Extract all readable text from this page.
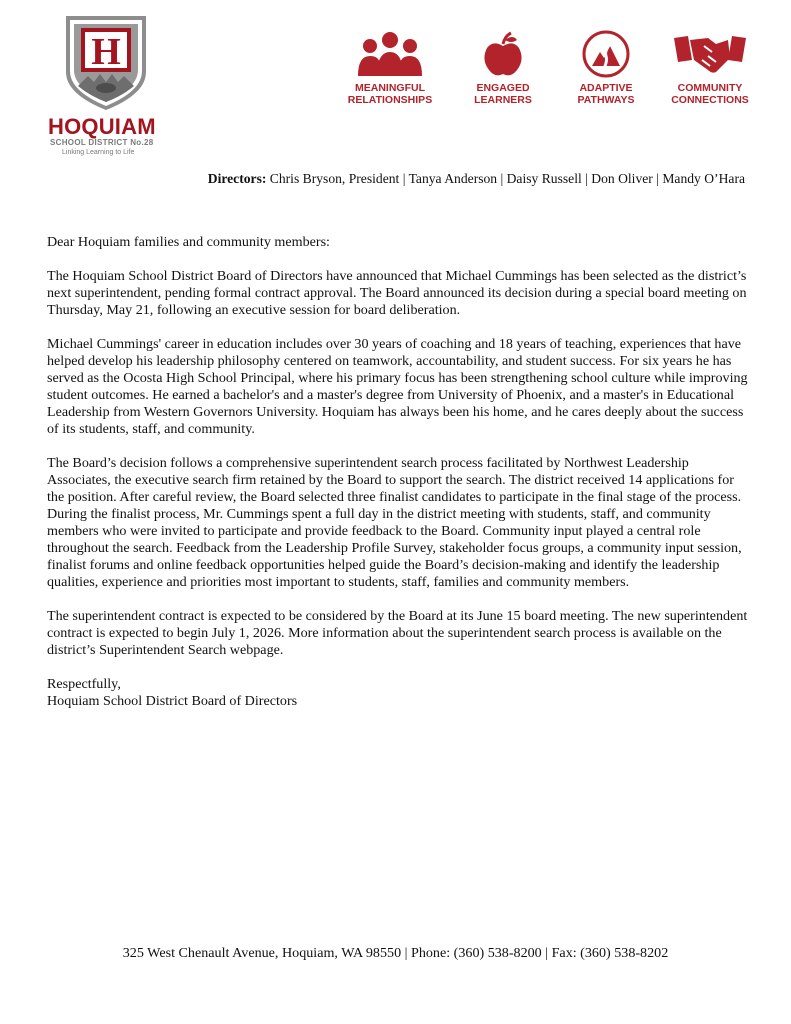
H
HOQUIAM
SCHOOL DISTRICT No.28
Linking Learning to Life
MEANINGFUL
RELATIONSHIPS
ENGAGED
LEARNERS
ADAPTIVE
PATHWAYS
COMMUNITY
CONNECTIONS
Directors: Chris Bryson, President | Tanya Anderson | Daisy Russell | Don Oliver | Mandy O’Hara

Dear Hoquiam families and community members:

The Hoquiam School District Board of Directors have announced that Michael Cummings has been selected as the district’s next superintendent, pending formal contract approval. The Board announced its decision during a special board meeting on Thursday, May 21, following an executive session for board deliberation.

Michael Cummings' career in education includes over 30 years of coaching and 18 years of teaching, experiences that have helped develop his leadership philosophy centered on teamwork, accountability, and student success. For six years he has served as the Ocosta High School Principal, where his primary focus has been strengthening school culture while improving student outcomes. He earned a bachelor's and a master's degree from University of Phoenix, and a master's in Educational Leadership from Western Governors University. Hoquiam has always been his home, and he cares deeply about the success of its students, staff, and community.

The Board’s decision follows a comprehensive superintendent search process facilitated by Northwest Leadership Associates, the executive search firm retained by the Board to support the search. The district received 14 applications for the position. After careful review, the Board selected three finalist candidates to participate in the final stage of the process. During the finalist process, Mr. Cummings spent a full day in the district meeting with students, staff, and community members who were invited to participate and provide feedback to the Board. Community input played a central role throughout the search. Feedback from the Leadership Profile Survey, stakeholder focus groups, a community input session, finalist forums and online feedback opportunities helped guide the Board’s decision-making and identify the leadership qualities, experience and priorities most important to students, staff, families and community members.

The superintendent contract is expected to be considered by the Board at its June 15 board meeting. The new superintendent contract is expected to begin July 1, 2026. More information about the superintendent search process is available on the district’s Superintendent Search webpage.

Respectfully,

Hoquiam School District Board of Directors

325 West Chenault Avenue, Hoquiam, WA 98550 | Phone: (360) 538-8200 | Fax: (360) 538-8202
